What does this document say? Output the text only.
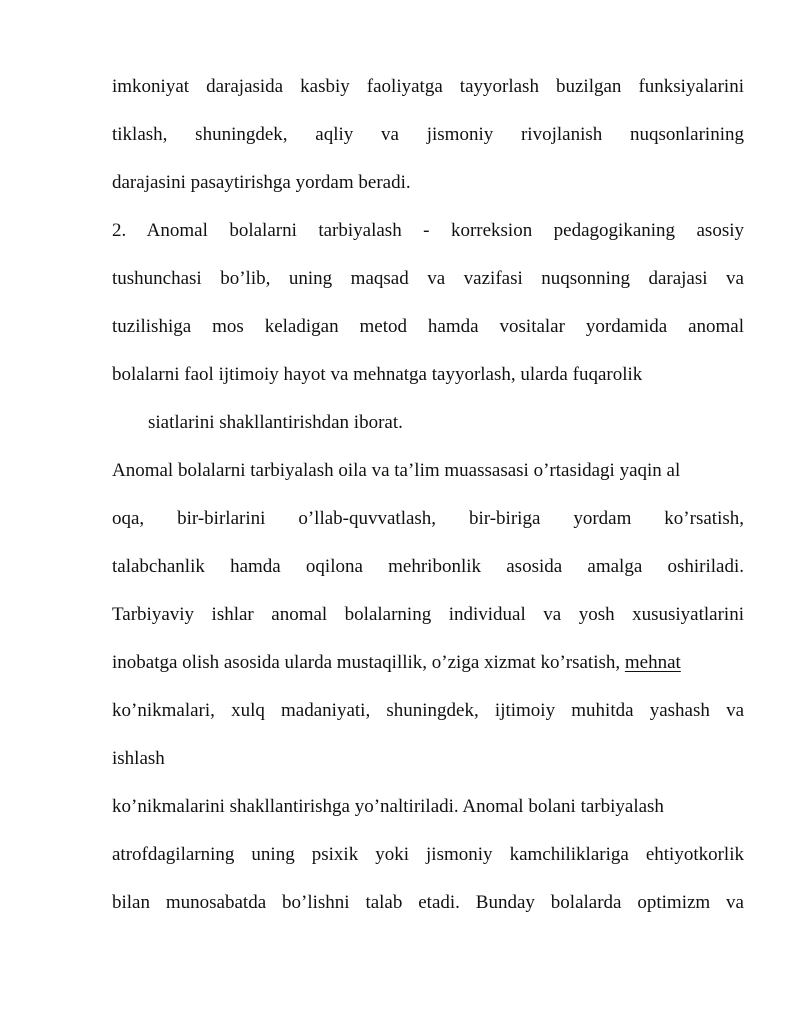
imkoniyat darajasida kasbiy faoliyatga tayyorlash buzilgan funksiyalarini
tiklash, shuningdek, aqliy va jismoniy rivojlanish nuqsonlarining
darajasini pasaytirishga yordam beradi.
2. Anomal bolalarni tarbiyalash - korreksion pedagogikaning asosiy
tushunchasi bo’lib, uning maqsad va vazifasi nuqsonning darajasi va
tuzilishiga mos keladigan metod hamda vositalar yordamida anomal
bolalarni faol ijtimoiy hayot va mehnatga tayyorlash, ularda fuqarolik
siatlarini shakllantirishdan iborat.
Anomal bolalarni tarbiyalash oila va ta’lim muassasasi o’rtasidagi yaqin al
oqa, bir-birlarini o’llab-quvvatlash, bir-biriga yordam ko’rsatish,
talabchanlik hamda oqilona mehribonlik asosida amalga oshiriladi.
Tarbiyaviy ishlar anomal bolalarning individual va yosh xususiyatlarini
inobatga olish asosida ularda mustaqillik, o’ziga xizmat ko’rsatish, mehnat
ko’nikmalari, xulq madaniyati, shuningdek, ijtimoiy muhitda yashash va
ishlash
ko’nikmalarini shakllantirishga yo’naltiriladi. Anomal bolani tarbiyalash
atrofdagilarning uning psixik yoki jismoniy kamchiliklariga ehtiyotkorlik
bilan munosabatda bo’lishni talab etadi. Bunday bolalarda optimizm va
